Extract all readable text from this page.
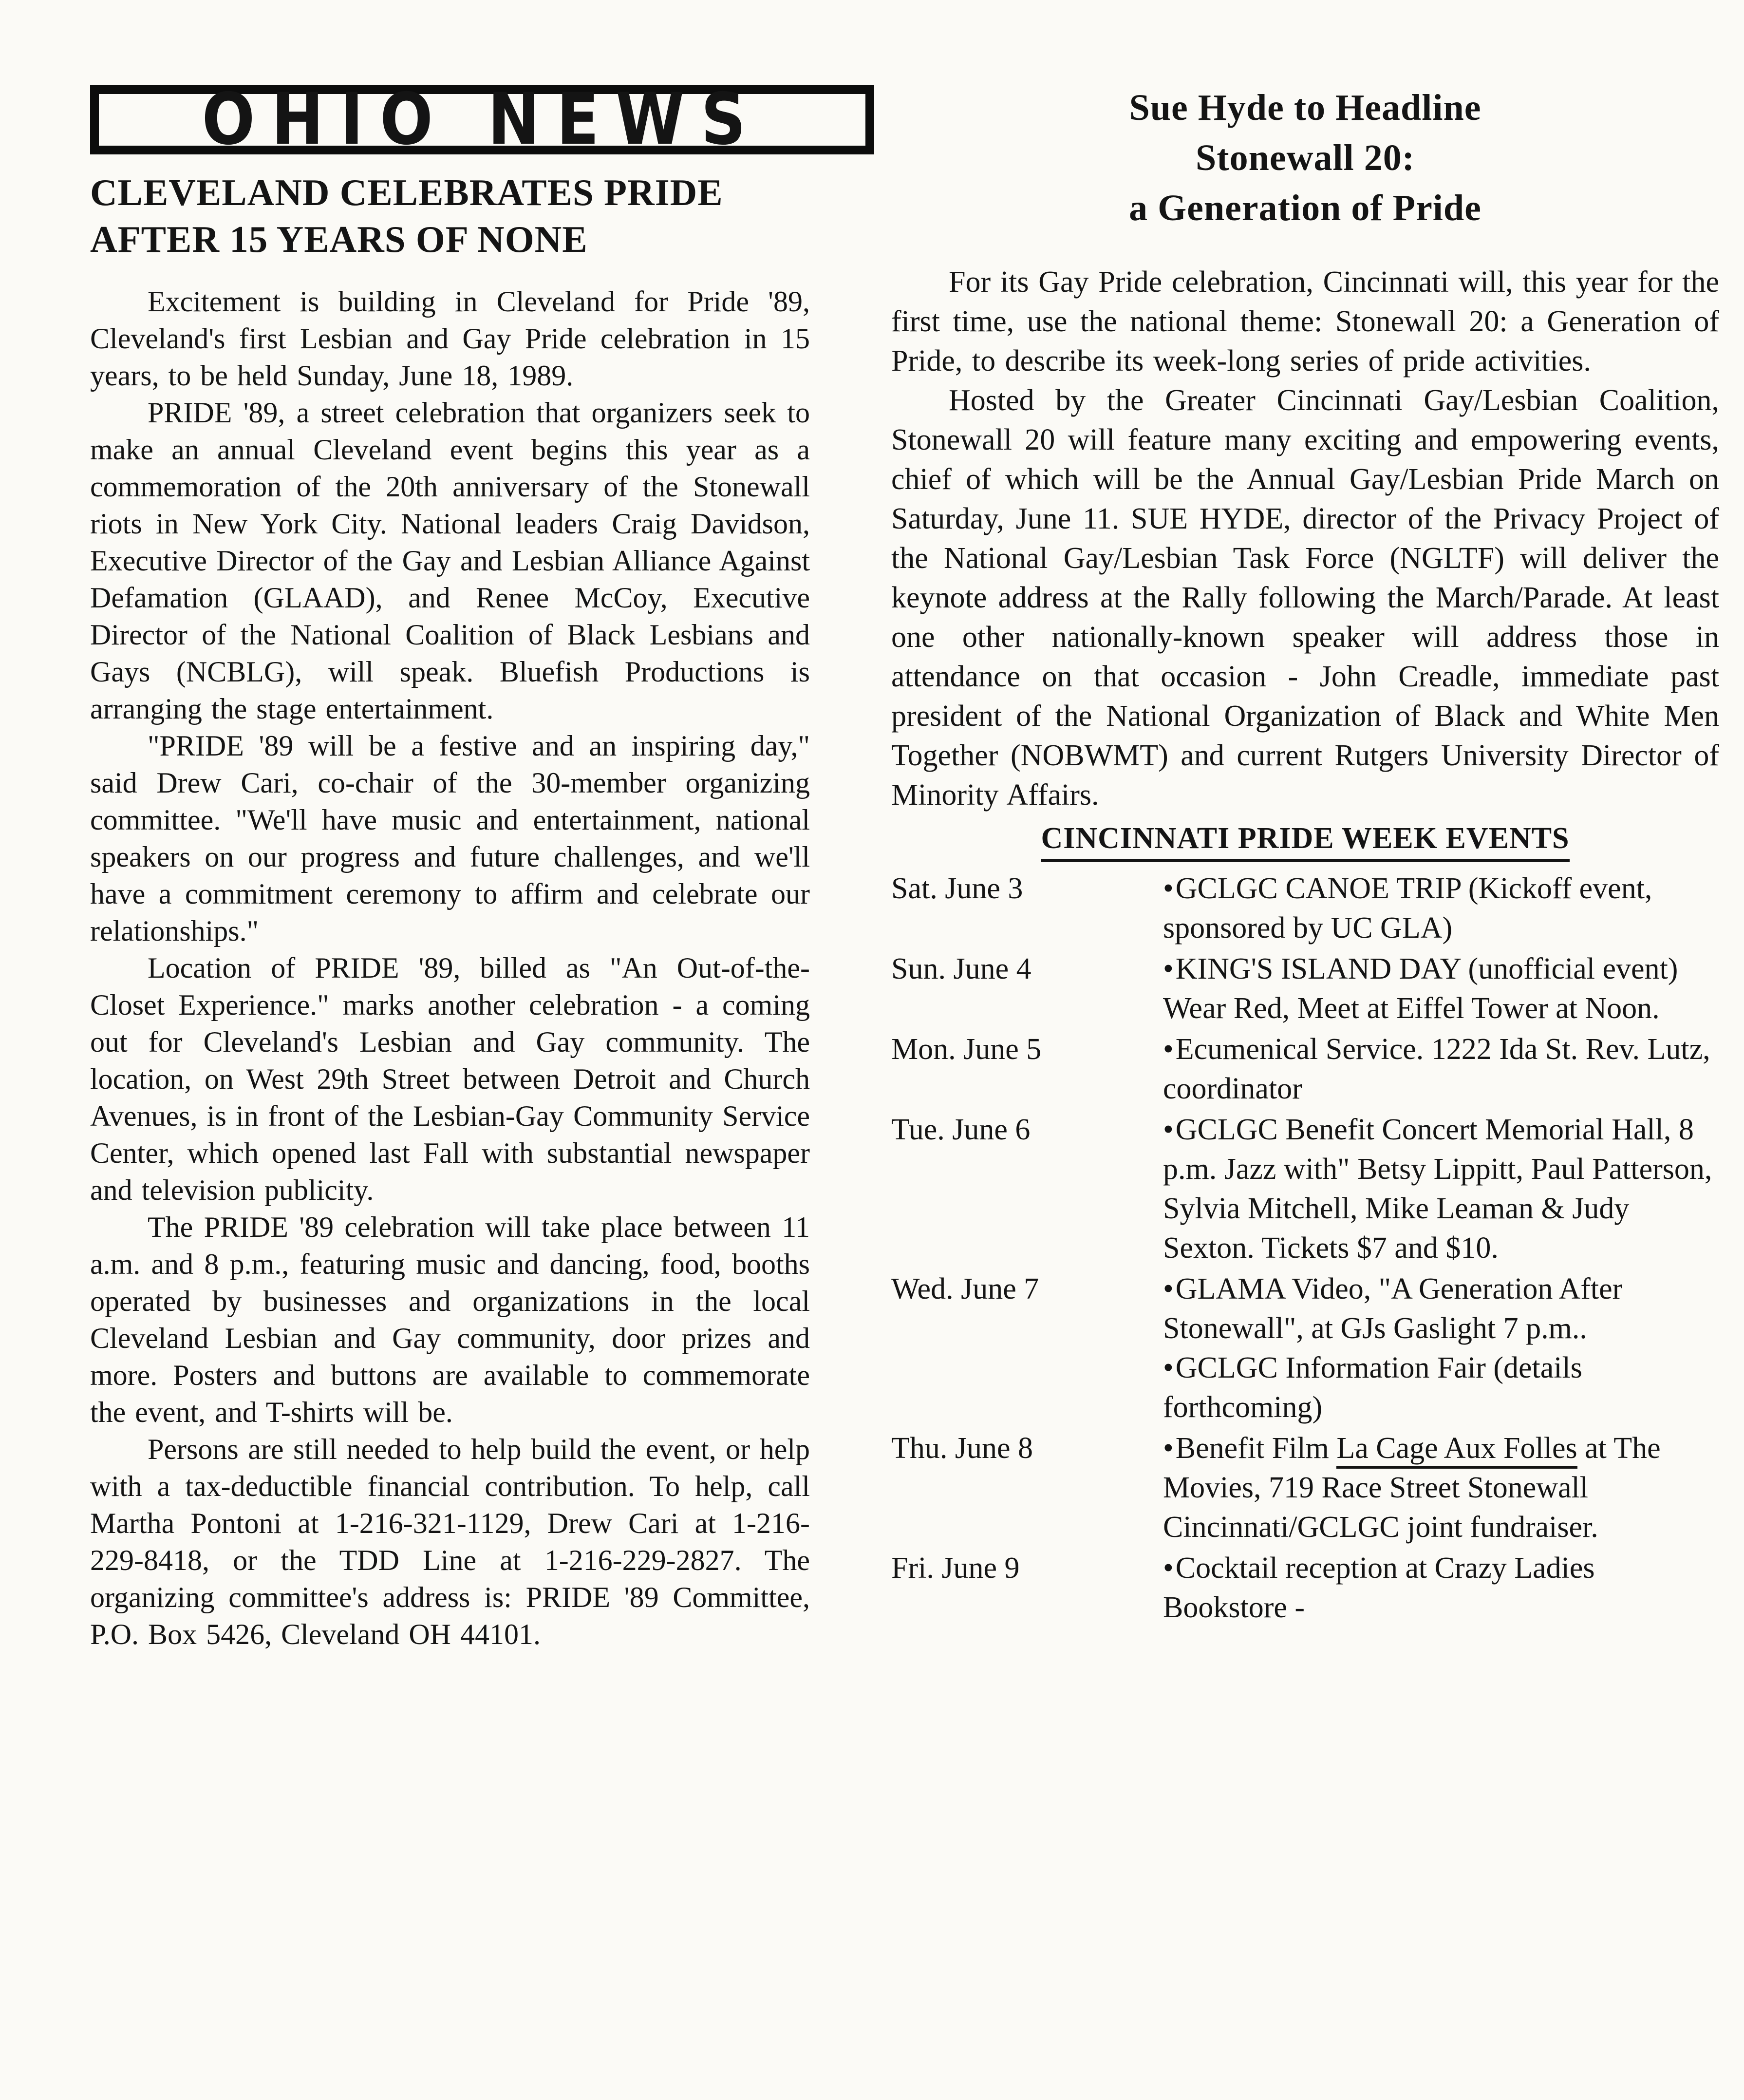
OHIO NEWS
CLEVELAND CELEBRATES PRIDE
AFTER 15 YEARS OF NONE

Excitement is building in Cleveland for Pride '89, Cleveland's first Lesbian and Gay Pride celebration in 15 years, to be held Sunday, June 18, 1989.

PRIDE '89, a street celebration that organizers seek to make an annual Cleveland event begins this year as a commemoration of the 20th anniversary of the Stonewall riots in New York City. National leaders Craig Davidson, Executive Director of the Gay and Lesbian Alliance Against Defamation (GLAAD), and Renee McCoy, Executive Director of the National Coalition of Black Lesbians and Gays (NCBLG), will speak. Bluefish Productions is arranging the stage entertainment.

"PRIDE '89 will be a festive and an inspiring day," said Drew Cari, co-chair of the 30-member organizing committee. "We'll have music and entertainment, national speakers on our progress and future challenges, and we'll have a commitment ceremony to affirm and celebrate our relationships."

Location of PRIDE '89, billed as "An Out-of-the-Closet Experience." marks another celebration - a coming out for Cleveland's Lesbian and Gay community. The location, on West 29th Street between Detroit and Church Avenues, is in front of the Lesbian-Gay Community Service Center, which opened last Fall with substantial newspaper and television publicity.

The PRIDE '89 celebration will take place between 11 a.m. and 8 p.m., featuring music and dancing, food, booths operated by businesses and organizations in the local Cleveland Lesbian and Gay community, door prizes and more. Posters and buttons are available to commemorate the event, and T-shirts will be.

Persons are still needed to help build the event, or help with a tax-deductible financial contribution. To help, call Martha Pontoni at 1-216-321-1129, Drew Cari at 1-216-229-8418, or the TDD Line at 1-216-229-2827. The organizing committee's address is: PRIDE '89 Committee, P.O. Box 5426, Cleveland OH 44101.

Sue Hyde to Headline
Stonewall 20:
a Generation of Pride

For its Gay Pride celebration, Cincinnati will, this year for the first time, use the national theme: Stonewall 20: a Generation of Pride, to describe its week-long series of pride activities.

Hosted by the Greater Cincinnati Gay/Lesbian Coalition, Stonewall 20 will feature many exciting and empowering events, chief of which will be the Annual Gay/Lesbian Pride March on Saturday, June 11. SUE HYDE, director of the Privacy Project of the National Gay/Lesbian Task Force (NGLTF) will deliver the keynote address at the Rally following the March/Parade. At least one other nationally-known speaker will address those in attendance on that occasion - John Creadle, immediate past president of the National Organization of Black and White Men Together (NOBWMT) and current Rutgers University Director of Minority Affairs.

CINCINNATI PRIDE WEEK EVENTS
Sat. June 3	•GCLGC CANOE TRIP (Kickoff event, sponsored by UC GLA)
Sun. June 4	•KING'S ISLAND DAY (unofficial event) Wear Red, Meet at Eiffel Tower at Noon.
Mon. June 5	•Ecumenical Service. 1222 Ida St. Rev. Lutz, coordinator
Tue. June 6	•GCLGC Benefit Concert Memorial Hall, 8 p.m. Jazz with" Betsy Lippitt, Paul Patterson, Sylvia Mitchell, Mike Leaman & Judy Sexton. Tickets $7 and $10.
Wed. June 7	•GLAMA Video, "A Generation After Stonewall", at GJs Gaslight 7 p.m..
•GCLGC Information Fair (details forthcoming)
Thu. June 8	•Benefit Film La Cage Aux Folles at The Movies, 719 Race Street Stonewall Cincinnati/GCLGC joint fundraiser.
Fri. June 9	•Cocktail reception at Crazy Ladies Bookstore -
